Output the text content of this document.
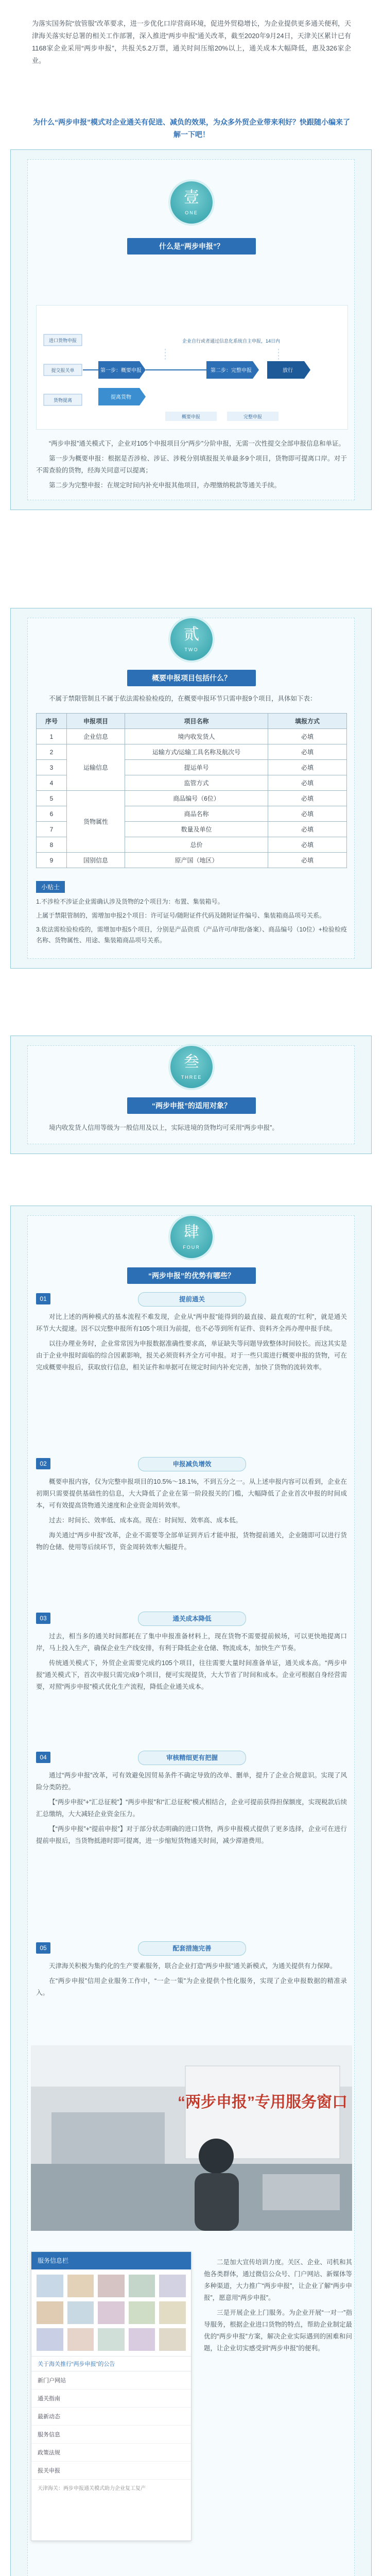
为落实国务院“放管服”改革要求，进一步优化口岸营商环境，促进外贸稳增长，为企业提供更多通关便利，天津海关落实好总署的相关工作部署，深入推进“两步申报”通关改革，截至2020年9月24日，天津关区累计已有1168家企业采用“两步申报”，共报关5.2万票，通关时间压缩20%以上，通关成本大幅降低，惠及326家企业。
为什么“两步申报”模式对企业通关有促进、减负的效果，为众多外贸企业带来利好？快跟随小编来了解一下吧！
壹
ONE
什么是“两步申报”？
进口货物申报
提交报关单
货物提离
第一步：概要申报
提离货物
第二步：完整申报	放行
企业自行或者通过信息化系统自主申报，14日内
概要申报	完整申报

“两步申报”通关模式下，企业对105个申报项目分“两步”分阶申报，无需一次性提交全部申报信息和单证。

第一步为概要申报：根据是否涉检、涉证、涉税分别填报报关单最多9个项目，货物即可提离口岸。对于不需查验的货物，经海关同意可以提离；

第二步为完整申报：在规定时间内补充申报其他项目，办理缴纳税款等通关手续。

贰
TWO
概要申报项目包括什么？

不属于禁限管制且不属于依法需检验检疫的，在概要申报环节只需申报9个项目，具体如下表：

序号	申报项目	项目名称	填报方式
1	企业信息	境内收发货人	必填
2	运输信息	运输方式/运输工具名称及航次号	必填
3		提运单号	必填
4		监管方式	必填
5	货物属性	商品编号（6位）	必填
6		商品名称	必填
7		数量及单位	必填
8		总价	必填
9	国别信息	原产国（地区）	必填
小贴士

1.不涉检不涉证企业需确认涉及货物的2个项目为：布置、集装箱号。

上属于禁限管制的，需增加申报2个项目：许可证号/随附证件代码及随附证件编号、集装箱商品项号关系。

3.依法需检验检疫的，需增加申报5个项目，分别是产品资质（产品许可/审批/备案）、商品编号（10位）+检验检疫名称、货物属性、用途、集装箱商品项号关系。

叁
THREE
“两步申报”的适用对象？

境内收发货人信用等级为一般信用及以上，实际进境的货物均可采用“两步申报”。

肆
FOUR
“两步申报”的优势有哪些？
01	提前通关

对比上述的两种模式的基本流程不难发现，企业从“两申报”能得到的最直接、最直观的“红利”，就是通关环节大大提速。因不以完整申报所有105个项目为前提，也不必等到所有证件、资料齐全再办理申报手续。

以往办理业务时，企业常常因为申报数据准确性要求高，单证缺失等问题导致整体时间较长。而这其实是由于企业申报时面临的综合因素影响，报关必须资料齐全方可申报。对于一些只需进行概要申报的货物，可在完成概要申报后，获取放行信息，相关证件和单据可在规定时间内补充完善，加快了货物的流转效率。

02	申报减负增效

概要申报内容，仅为完整申报项目的10.5%～18.1%，不到五分之一。从上述申报内容可以看到，企业在初期只需要提供基础性的信息，大大降低了企业在第一阶段报关的门槛，大幅降低了企业首次申报的时间成本，可有效提高货物通关速度和企业资金周转效率。

过去：时间长、效率低、成本高。现在：时间短、效率高、成本低。

海关通过“两步申报”改革，企业不需要等全部单证到齐后才能申报，货物提前通关，企业随即可以进行货物的仓储、使用等后续环节，资金周转效率大幅提升。

03	通关成本降低

过去，相当多的通关时间都耗在了集中申报准备材料上，现在货物不需要提前候场，可以更快地提离口岸，马上投入生产，确保企业生产线安排，有利于降低企业仓储、物流成本，加快生产节奏。

传统通关模式下，外贸企业需要完成约105个项目，往往需要大量时间准备单证，通关成本高。“两步申报”通关模式下，首次申报只需完成9个项目，便可实现提货，大大节省了时间和成本。企业可根据自身经营需要，对照“两步申报”模式优化生产流程，降低企业通关成本。

04	审核精细更有把握

通过“两步申报”改革，可有效避免因贸易条件不确定导致的改单、删单，提升了企业合规意识。实现了风险分类防控。

【“两步申报”+“汇总征税”】“两步申报”和“汇总征税”模式相结合，企业可提前获得担保额度，实现税款后续汇总缴纳，大大减轻企业资金压力。

【“两步申报”+“提前申报”】对于部分状态明确的进口货物，两步申报模式提供了更多选择，企业可在进行提前申报后，当货物抵港时即可提离，进一步缩短货物通关时间，减少滞港费用。

05	配套措施完善

天津海关积极为集约化的生产要素服务，联合企业打造“两步申报”通关新模式，为通关提供有力保障。

在“两步申报”信用企业服务工作中，“一企一策”为企业提供个性化服务，实现了企业申报数据的精准录入。

“两步申报”专用服务窗口
服务信息栏
关于海关推行“两步申报”的公告
新门户网站
通关指南
最新动态
服务信息
政策法规
报关申报
天津海关：两步申报通关模式助力企业复工复产

二是加大宣传培训力度。关区、企业、司机和其他各类群体，通过微信公众号、门户网站、新媒体等多种渠道，大力推广“两步申报”，让企业了解“两步申报”，愿意用“两步申报”。

三是开展企业上门服务。为企业开展“一对一”指导服务，根据企业进口货物的特点，帮助企业制定最优的“两步申报”方案，解决企业实际遇到的困难和问题，让企业切实感受到“两步申报”的便利。
